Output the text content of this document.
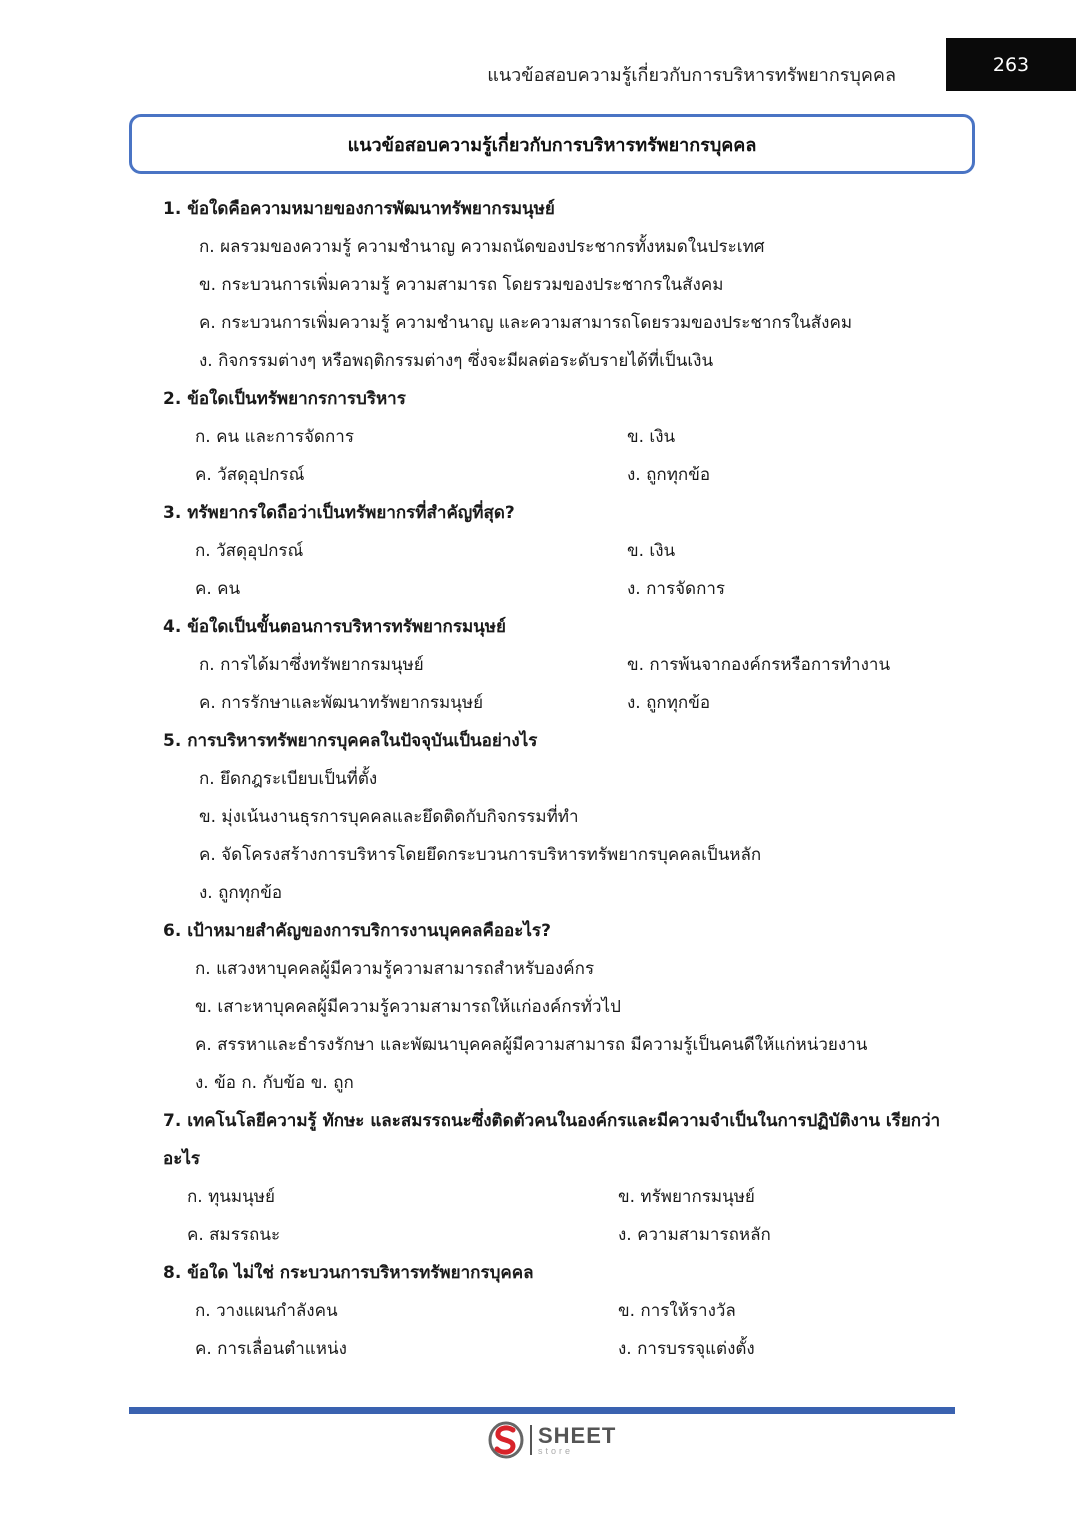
แนวข้อสอบความรู้เกี่ยวกับการบริหารทรัพยากรบุคคล	263
แนวข้อสอบความรู้เกี่ยวกับการบริหารทรัพยากรบุคคล
1. ข้อใดคือความหมายของการพัฒนาทรัพยากรมนุษย์
ก. ผลรวมของความรู้ ความชำนาญ ความถนัดของประชากรทั้งหมดในประเทศ
ข. กระบวนการเพิ่มความรู้ ความสามารถ โดยรวมของประชากรในสังคม
ค. กระบวนการเพิ่มความรู้ ความชำนาญ และความสามารถโดยรวมของประชากรในสังคม
ง. กิจกรรมต่างๆ หรือพฤติกรรมต่างๆ ซึ่งจะมีผลต่อระดับรายได้ที่เป็นเงิน
2. ข้อใดเป็นทรัพยากรการบริหาร
ก. คน และการจัดการ	ข. เงิน
ค. วัสดุอุปกรณ์	ง. ถูกทุกข้อ
3. ทรัพยากรใดถือว่าเป็นทรัพยากรที่สำคัญที่สุด?
ก. วัสดุอุปกรณ์	ข. เงิน
ค. คน	ง. การจัดการ
4. ข้อใดเป็นขั้นตอนการบริหารทรัพยากรมนุษย์
ก. การได้มาซึ่งทรัพยากรมนุษย์	ข. การพ้นจากองค์กรหรือการทำงาน
ค. การรักษาและพัฒนาทรัพยากรมนุษย์	ง. ถูกทุกข้อ
5. การบริหารทรัพยากรบุคคลในปัจจุบันเป็นอย่างไร
ก. ยึดกฎระเบียบเป็นที่ตั้ง
ข. มุ่งเน้นงานธุรการบุคคลและยึดติดกับกิจกรรมที่ทำ
ค. จัดโครงสร้างการบริหารโดยยึดกระบวนการบริหารทรัพยากรบุคคลเป็นหลัก
ง. ถูกทุกข้อ
6. เป้าหมายสำคัญของการบริการงานบุคคลคืออะไร?
ก. แสวงหาบุคคลผู้มีความรู้ความสามารถสำหรับองค์กร
ข. เสาะหาบุคคลผู้มีความรู้ความสามารถให้แก่องค์กรทั่วไป
ค. สรรหาและธำรงรักษา และพัฒนาบุคคลผู้มีความสามารถ มีความรู้เป็นคนดีให้แก่หน่วยงาน
ง. ข้อ ก. กับข้อ ข. ถูก
7. เทคโนโลยีความรู้ ทักษะ และสมรรถนะซึ่งติดตัวคนในองค์กรและมีความจำเป็นในการปฏิบัติงาน เรียกว่าอะไร
ก. ทุนมนุษย์	ข. ทรัพยากรมนุษย์
ค. สมรรถนะ	ง. ความสามารถหลัก
8. ข้อใด ไม่ใช่ กระบวนการบริหารทรัพยากรบุคคล
ก. วางแผนกำลังคน	ข. การให้รางวัล
ค. การเลื่อนตำแหน่ง	ง. การบรรจุแต่งตั้ง
SHEET
store
